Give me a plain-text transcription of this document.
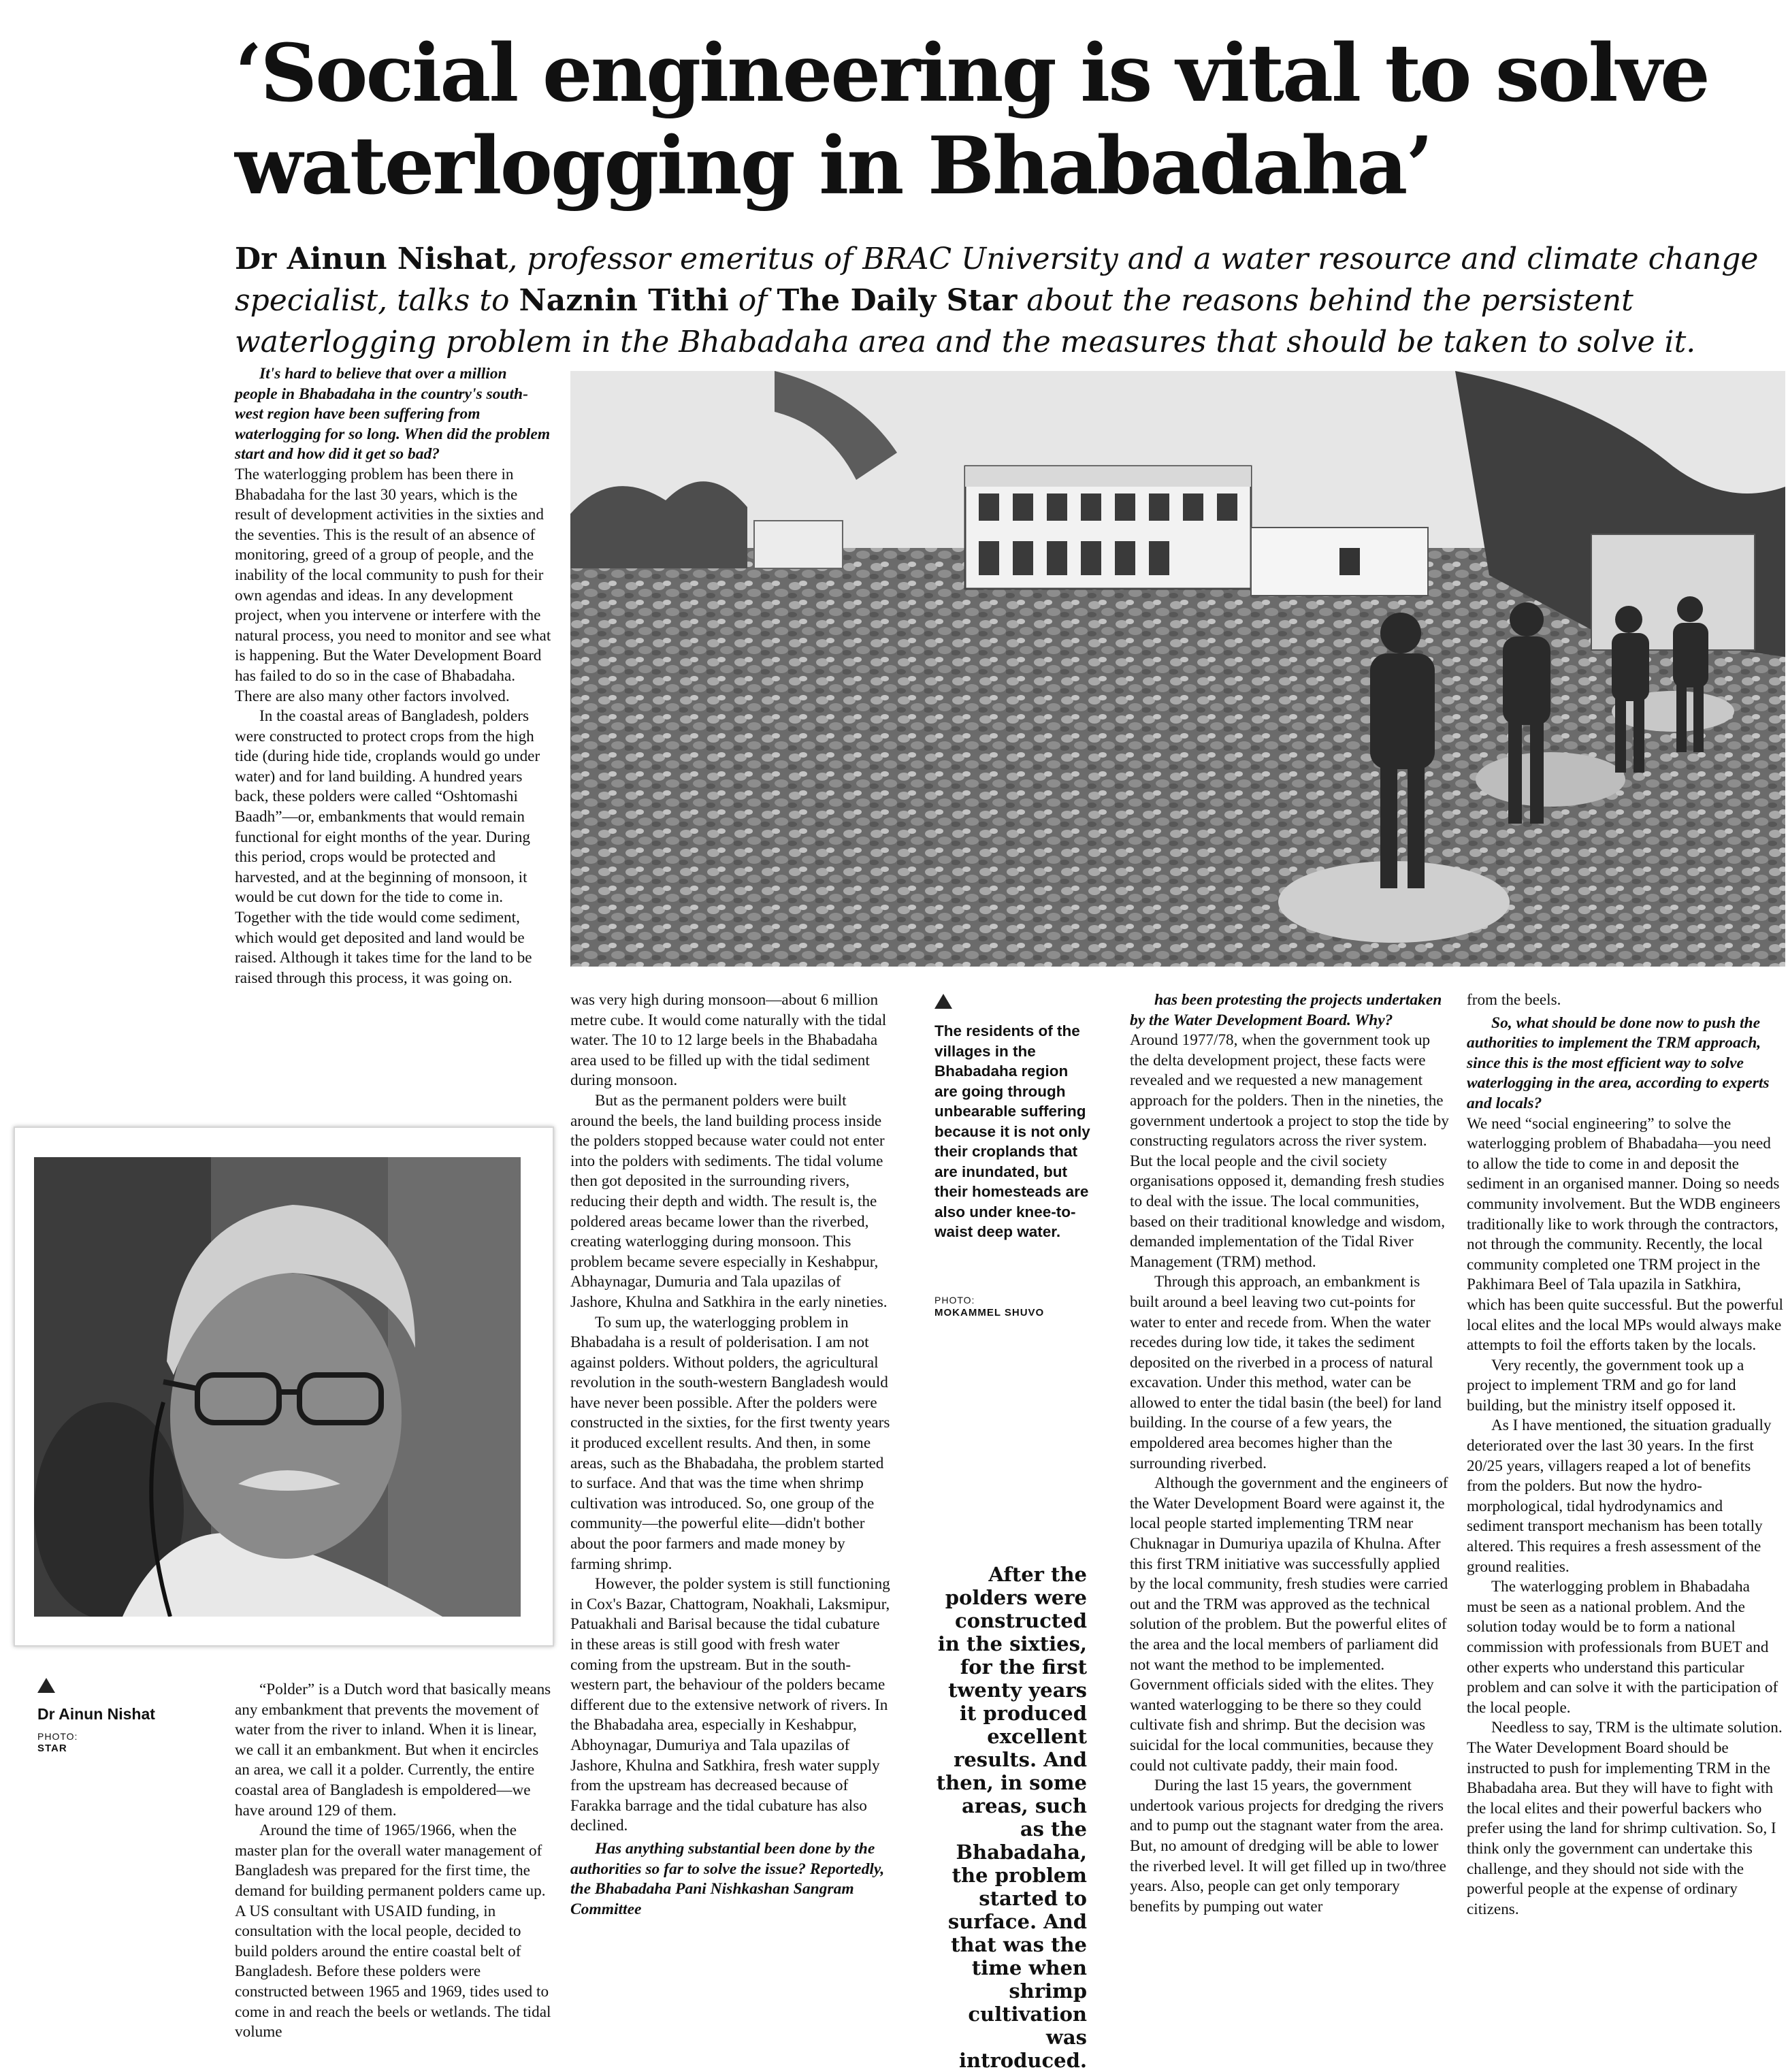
‘Social engineering is vital to solve waterlogging in Bhabadaha’

Dr Ainun Nishat, professor emeritus of BRAC University and a water resource and climate change specialist, talks to Naznin Tithi of The Daily Star about the reasons behind the persistent waterlogging problem in the Bhabadaha area and the measures that should be taken to solve it.

Dr Ainun Nishat
PHOTO:
STAR
The residents of the villages in the Bhabadaha region are going through unbearable suffering because it is not only their croplands that are inundated, but their homesteads are also under knee-to-waist deep water.
PHOTO:
MOKAMMEL SHUVO
After the polders were constructed in the sixties, for the first twenty years it produced excellent results. And then, in some areas, such as the Bhabadaha, the problem started to surface. And that was the time when shrimp cultivation was introduced.

It's hard to believe that over a million people in Bhabadaha in the country's south-west region have been suffering from waterlogging for so long. When did the problem start and how did it get so bad?

The waterlogging problem has been there in Bhabadaha for the last 30 years, which is the result of development activities in the sixties and the seventies. This is the result of an absence of monitoring, greed of a group of people, and the inability of the local community to push for their own agendas and ideas. In any development project, when you intervene or interfere with the natural process, you need to monitor and see what is happening. But the Water Development Board has failed to do so in the case of Bhabadaha. There are also many other factors involved.

In the coastal areas of Bangladesh, polders were constructed to protect crops from the high tide (during hide tide, croplands would go under water) and for land building. A hundred years back, these polders were called “Oshtomashi Baadh”—or, embankments that would remain functional for eight months of the year. During this period, crops would be protected and harvested, and at the beginning of monsoon, it would be cut down for the tide to come in. Together with the tide would come sediment, which would get deposited and land would be raised. Although it takes time for the land to be raised through this process, it was going on.

“Polder” is a Dutch word that basically means any embankment that prevents the movement of water from the river to inland. When it is linear, we call it an embankment. But when it encircles an area, we call it a polder. Currently, the entire coastal area of Bangladesh is empoldered—we have around 129 of them.

Around the time of 1965/1966, when the master plan for the overall water management of Bangladesh was prepared for the first time, the demand for building permanent polders came up. A US consultant with USAID funding, in consultation with the local people, decided to build polders around the entire coastal belt of Bangladesh. Before these polders were constructed between 1965 and 1969, tides used to come in and reach the beels or wetlands. The tidal volume

was very high during monsoon—about 6 million metre cube. It would come naturally with the tidal water. The 10 to 12 large beels in the Bhabadaha area used to be filled up with the tidal sediment during monsoon.

But as the permanent polders were built around the beels, the land building process inside the polders stopped because water could not enter into the polders with sediments. The tidal volume then got deposited in the surrounding rivers, reducing their depth and width. The result is, the poldered areas became lower than the riverbed, creating waterlogging during monsoon. This problem became severe especially in Keshabpur, Abhaynagar, Dumuria and Tala upazilas of Jashore, Khulna and Satkhira in the early nineties.

To sum up, the waterlogging problem in Bhabadaha is a result of polderisation. I am not against polders. Without polders, the agricultural revolution in the south-western Bangladesh would have never been possible. After the polders were constructed in the sixties, for the first twenty years it produced excellent results. And then, in some areas, such as the Bhabadaha, the problem started to surface. And that was the time when shrimp cultivation was introduced. So, one group of the community—the powerful elite—didn't bother about the poor farmers and made money by farming shrimp.

However, the polder system is still functioning in Cox's Bazar, Chattogram, Noakhali, Laksmipur, Patuakhali and Barisal because the tidal cubature in these areas is still good with fresh water coming from the upstream. But in the south-western part, the behaviour of the polders became different due to the extensive network of rivers. In the Bhabadaha area, especially in Keshabpur, Abhoynagar, Dumuriya and Tala upazilas of Jashore, Khulna and Satkhira, fresh water supply from the upstream has decreased because of Farakka barrage and the tidal cubature has also declined.

Has anything substantial been done by the authorities so far to solve the issue? Reportedly, the Bhabadaha Pani Nishkashan Sangram Committee

has been protesting the projects undertaken by the Water Development Board. Why?

Around 1977/78, when the government took up the delta development project, these facts were revealed and we requested a new management approach for the polders. Then in the nineties, the government undertook a project to stop the tide by constructing regulators across the river system. But the local people and the civil society organisations opposed it, demanding fresh studies to deal with the issue. The local communities, based on their traditional knowledge and wisdom, demanded implementation of the Tidal River Management (TRM) method.

Through this approach, an embankment is built around a beel leaving two cut-points for water to enter and recede from. When the water recedes during low tide, it takes the sediment deposited on the riverbed in a process of natural excavation. Under this method, water can be allowed to enter the tidal basin (the beel) for land building. In the course of a few years, the empoldered area becomes higher than the surrounding riverbed.

Although the government and the engineers of the Water Development Board were against it, the local people started implementing TRM near Chuknagar in Dumuriya upazila of Khulna. After this first TRM initiative was successfully applied by the local community, fresh studies were carried out and the TRM was approved as the technical solution of the problem. But the powerful elites of the area and the local members of parliament did not want the method to be implemented. Government officials sided with the elites. They wanted waterlogging to be there so they could cultivate fish and shrimp. But the decision was suicidal for the local communities, because they could not cultivate paddy, their main food.

During the last 15 years, the government undertook various projects for dredging the rivers and to pump out the stagnant water from the area. But, no amount of dredging will be able to lower the riverbed level. It will get filled up in two/three years. Also, people can get only temporary benefits by pumping out water

from the beels.

So, what should be done now to push the authorities to implement the TRM approach, since this is the most efficient way to solve waterlogging in the area, according to experts and locals?

We need “social engineering” to solve the waterlogging problem of Bhabadaha—you need to allow the tide to come in and deposit the sediment in an organised manner. Doing so needs community involvement. But the WDB engineers traditionally like to work through the contractors, not through the community. Recently, the local community completed one TRM project in the Pakhimara Beel of Tala upazila in Satkhira, which has been quite successful. But the powerful local elites and the local MPs would always make attempts to foil the efforts taken by the locals.

Very recently, the government took up a project to implement TRM and go for land building, but the ministry itself opposed it.

As I have mentioned, the situation gradually deteriorated over the last 30 years. In the first 20/25 years, villagers reaped a lot of benefits from the polders. But now the hydro-morphological, tidal hydrodynamics and sediment transport mechanism has been totally altered. This requires a fresh assessment of the ground realities.

The waterlogging problem in Bhabadaha must be seen as a national problem. And the solution today would be to form a national commission with professionals from BUET and other experts who understand this particular problem and can solve it with the participation of the local people.

Needless to say, TRM is the ultimate solution. The Water Development Board should be instructed to push for implementing TRM in the Bhabadaha area. But they will have to fight with the local elites and their powerful backers who prefer using the land for shrimp cultivation. So, I think only the government can undertake this challenge, and they should not side with the powerful people at the expense of ordinary citizens.
